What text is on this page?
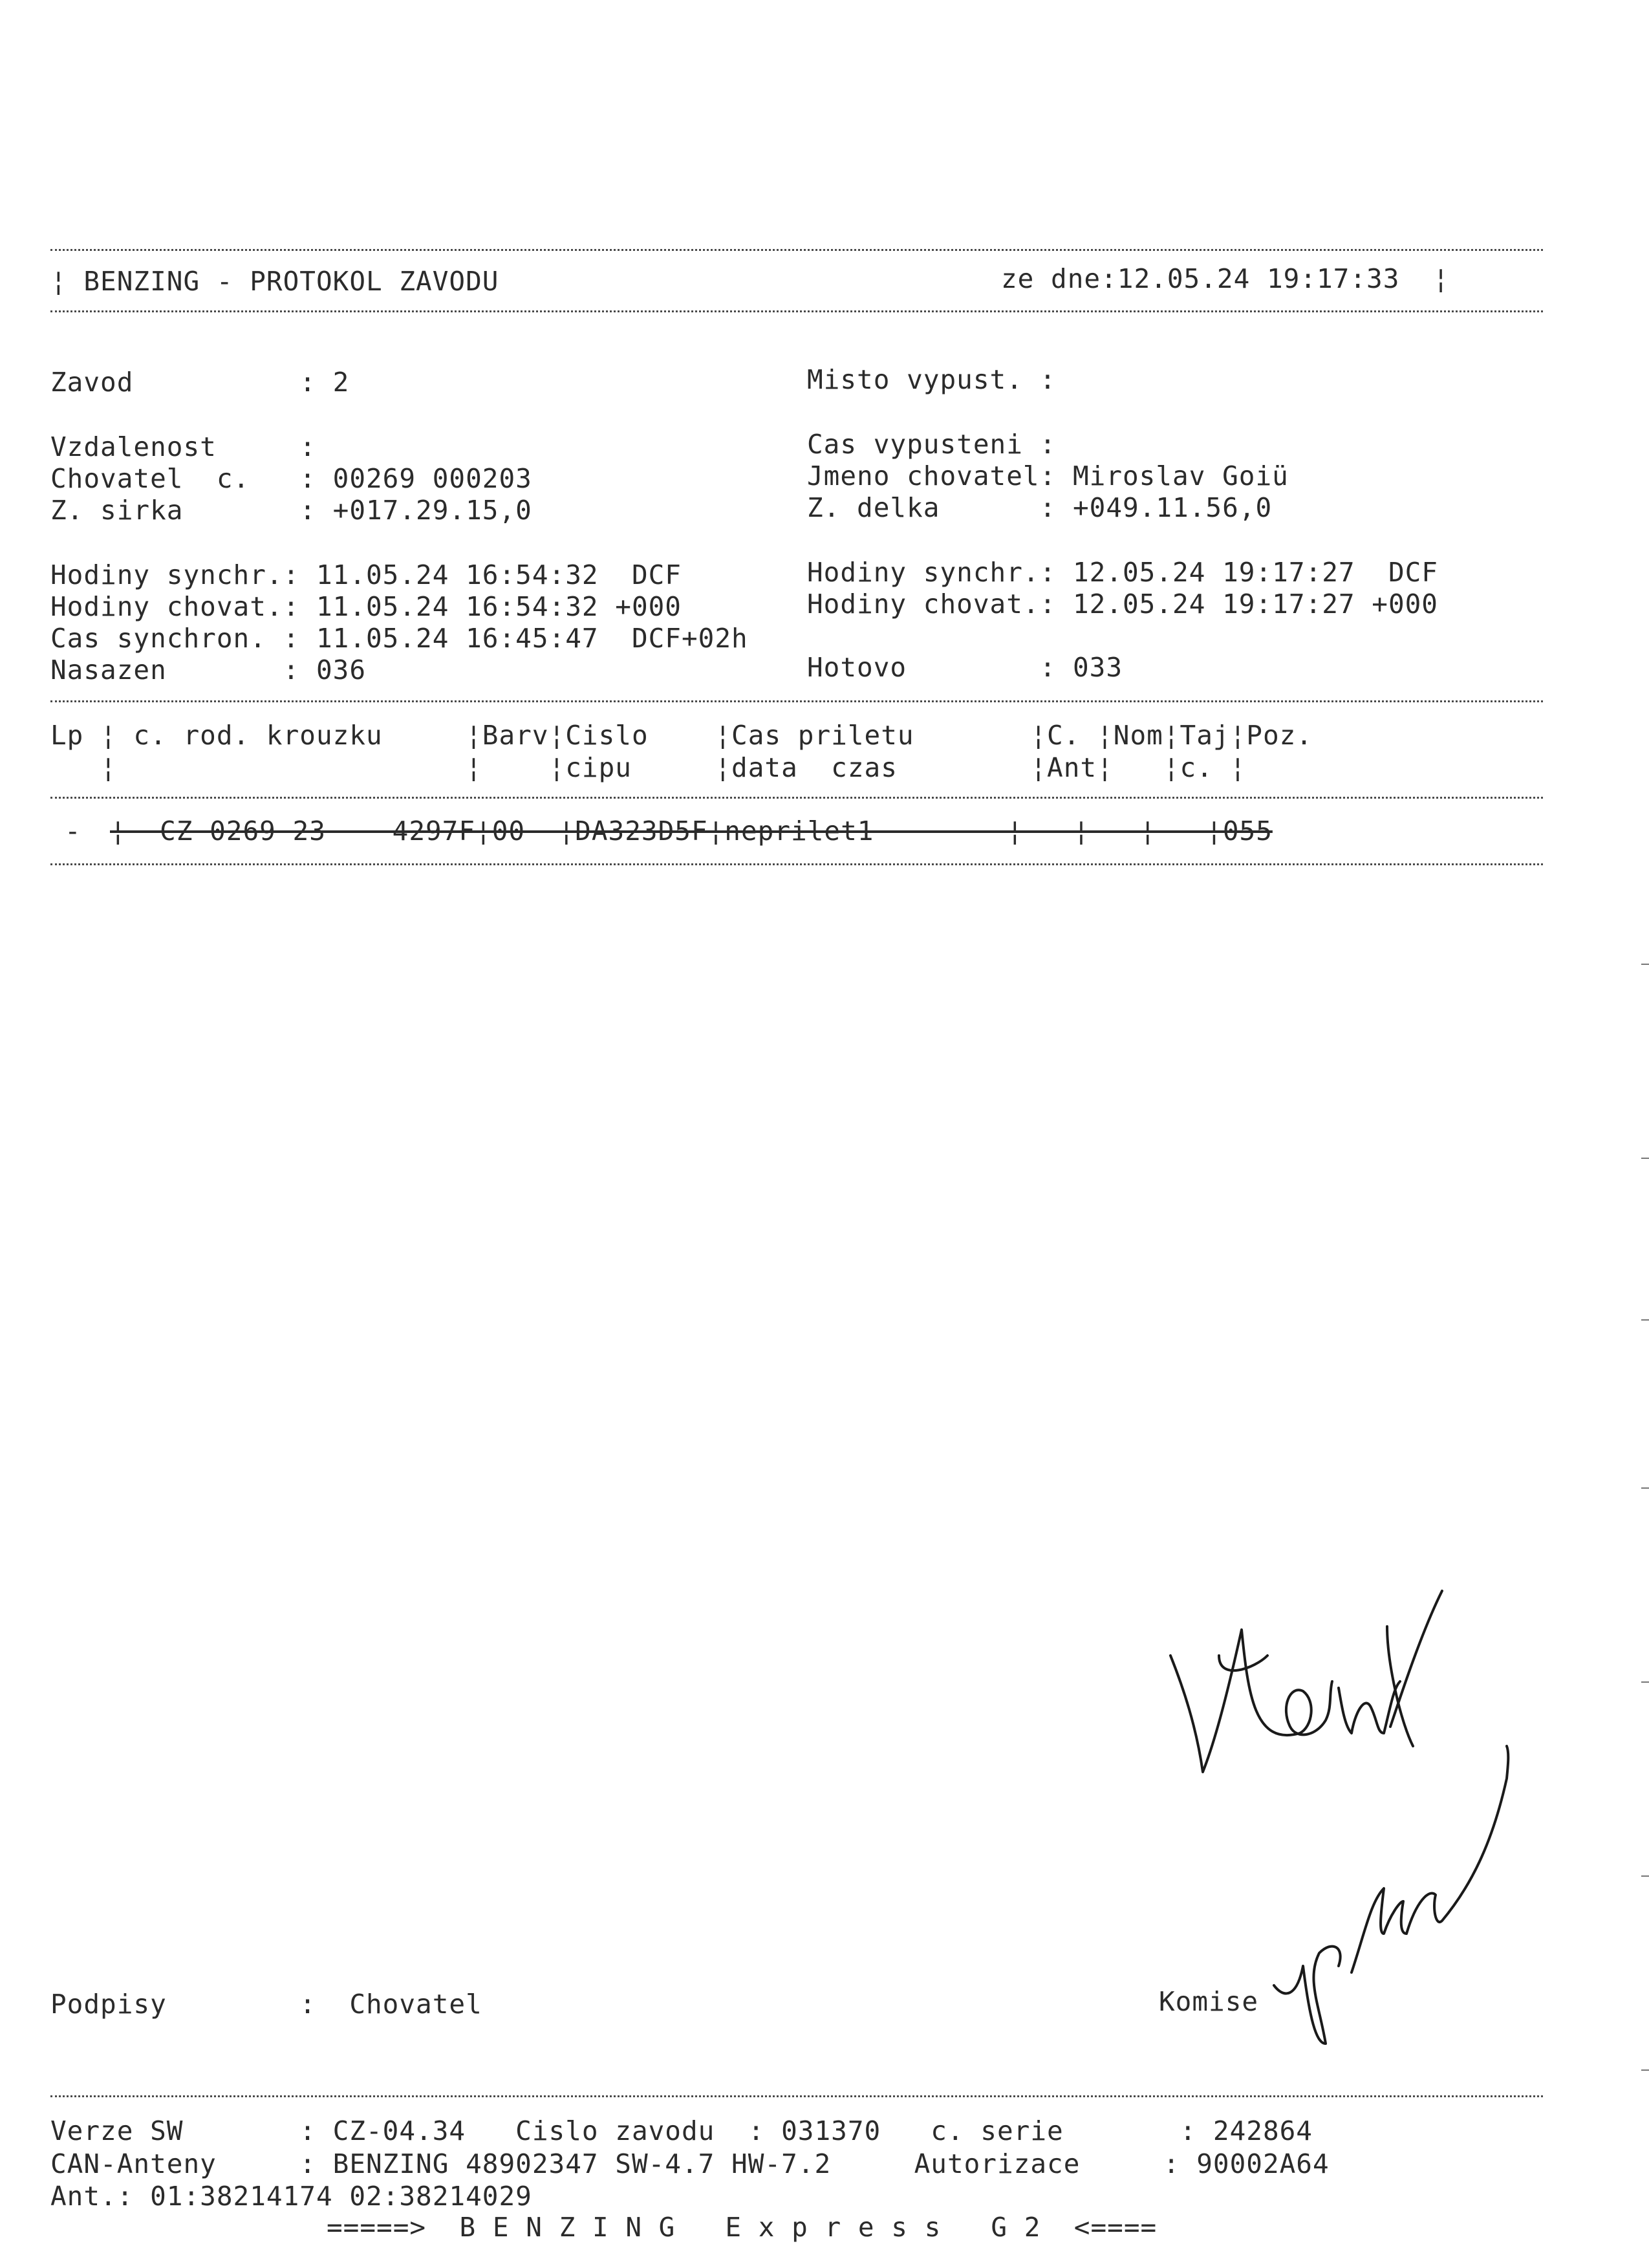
¦ BENZING - PROTOKOL ZAVODU	ze dne:12.05.24 19:17:33  ¦
Zavod          : 2	Misto vypust. :
Vzdalenost     :	Cas vypusteni :
Chovatel  c.   : 00269 000203	Jmeno chovatel: Miroslav Goiü
Z. sirka       : +017.29.15,0	Z. delka      : +049.11.56,0
Hodiny synchr.: 11.05.24 16:54:32  DCF	Hodiny synchr.: 12.05.24 19:17:27  DCF
Hodiny chovat.: 11.05.24 16:54:32 +000	Hodiny chovat.: 12.05.24 19:17:27 +000
Cas synchron. : 11.05.24 16:45:47  DCF+02h
Nasazen       : 036	Hotovo        : 033
Lp ¦ c. rod. krouzku     ¦Barv¦Cislo    ¦Cas priletu       ¦C. ¦Nom¦Taj¦Poz.
¦                     ¦    ¦cipu     ¦data  czas        ¦Ant¦   ¦c. ¦
- ¦  CZ 0269 23    4297F¦00  ¦DA323D5F¦neprilet1        ¦   ¦   ¦   ¦055
Podpisy        :  Chovatel	Komise
Verze SW       : CZ-04.34   Cislo zavodu  : 031370   c. serie       : 242864
CAN-Anteny     : BENZING 48902347 SW-4.7 HW-7.2     Autorizace     : 90002A64
Ant.: 01:38214174 02:38214029
=====>  B E N Z I N G   E x p r e s s   G 2  <====
